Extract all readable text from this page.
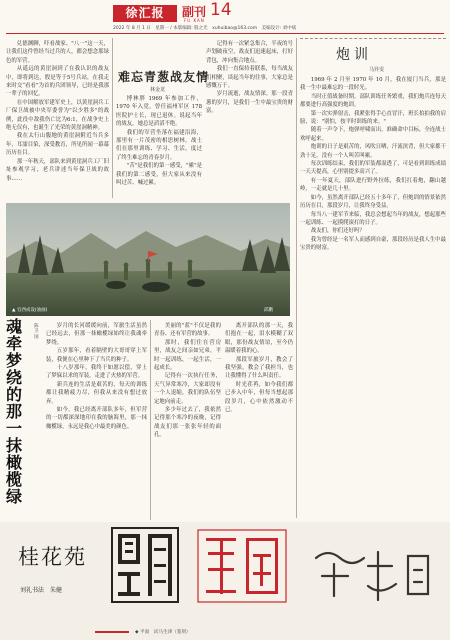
徐汇报	副刊
FU KAN
14
2022 年 8 月 1 日　星期一 / 本版编辑: 殷之光　xuhuibao@163.com　美编设计: 刘中斌

兑德测聊，吓看战家、"八一"这一天，让我们这件曾经当过兵的人，都会想念那绿色的军营。

从遥远的黄崖洞到了在我认识的战友中，即将到达，殷是等于5号兵站，在我走来时交“看看”为首的兵团领导，已经是我那一辈子的回忆。

在中国解放军建军史上，以黄崖洞兵工厂保卫战被中央军委誉为"以少胜多"的战例，此役中敌我伤亡比为6:1，在战争史上绝无仅有，也诞生了光荣的黄崖洞精神。

我在太行山腹地的黄崖洞附近当兵多年，耳濡目染，深受教育，所见所闻一幕幕历历在目。

那一年秋天，部队来到黄崖洞兵工厂旧址参观学习，老兵讲述当年保卫战的故事……

难忘青葱战友情
林金龙

博林胖 1969 年参加工作，1970 年入党，曾任福州军区 178 医院护士长，现已退休。说起当年的战友，她总是滔滔不绝。

我们的军营坐落在福建沿海，那里有一片茂密的相思树林，战士们在那里训练、学习、生活，度过了终生难忘的青春岁月。

"苦"是我们的第一感受，"累"是我们的第二感受，但大家从来没有叫过苦、喊过累。

记得有一次紧急集合，半夜的号声划破夜空，战友们迅速起床，打好背包，冲向集合地点。

我们一直保持着联系，每当战友们相聚，谈起当年的往事，大家总是感慨万千。

岁月流逝，战友情深。那一段青葱的岁月，是我们一生中最宝贵的财富。

▲ 官西成设(油画)	邱鹏
魂牵梦绕的那一抹橄榄绿
陈卫国

岁月的长河缓缓向前，军旅生活虽然已经远去，但那一抹橄榄绿始终让我魂牵梦绕。

五岁那年，看着隔壁的大哥哥穿上军装，我便在心里种下了当兵的种子。

十八岁那年，我终于如愿以偿，穿上了梦寐以求的军装，走进了火热的军营。

新兵连的生活是艰苦的，每天的训练都让我精疲力尽，但我从来没有想过放弃。

如今，我已经离开部队多年，但军营的一切都深深地印在我的脑海里，那一抹橄榄绿，永远是我心中最美的颜色。

美丽的"蓝"不仅是我的青春、还有军营的故事。

那时，我们住在营房里，战友之间亲如兄弟，平时一起训练，一起生活，一起成长。

记得有一次执行任务，天气异常寒冷，大家却没有一个人退缩，我们的队伍坚定地向前走。

多少年过去了，我依然记得那个寒冷的夜晚，记得战友们那一张张年轻的面孔。

离开部队的那一天，我们抱在一起，泪水模糊了双眼，那份战友情谊，至今仍温暖着我的心。

那段军旅岁月，教会了我坚强，教会了我担当，也让我懂得了什么叫责任。

时光荏苒，如今我们都已步入中年，但每当想起那段岁月，心中依然激动不已。

炮训
马异雯

1969 年 2 月至 1970 年 10 月，我在厦门当兵，那是我一生中最难忘的一段时光。

当时正值战备时期，部队训练任务繁重，我们炮兵连每天都要进行高强度的炮训。

第一次实弹射击，我紧张得手心直冒汗，班长拍拍我的肩膀，说："别怕，按平时训练的来。"

随着一声令下，炮弹呼啸而出，准确命中目标，全连战士欢呼起来。

炮训的日子是艰苦的，风吹日晒，汗流浃背，但大家都干劲十足，没有一个人叫苦叫累。

每次训练结束，我们的军装都湿透了，可是看到训练成绩一天天提高，心里别提多高兴了。

有一年夏天，部队进行野外拉练，我们扛着炮，翻山越岭，一走就是几十里。

如今，虽然离开部队已经五十多年了，但炮训的情景依然历历在目，那段岁月，让我终身受益。

每当八一建军节来临，我总会想起当年的战友，想起那些一起训练、一起摸爬滚打的日子。

战友们，你们还好吗？

我为曾经是一名军人而感到自豪，那段经历是我人生中最宝贵的财富。

桂花苑
刘礼书法　朱健
◆ 平面　试马生津（篆刻）
